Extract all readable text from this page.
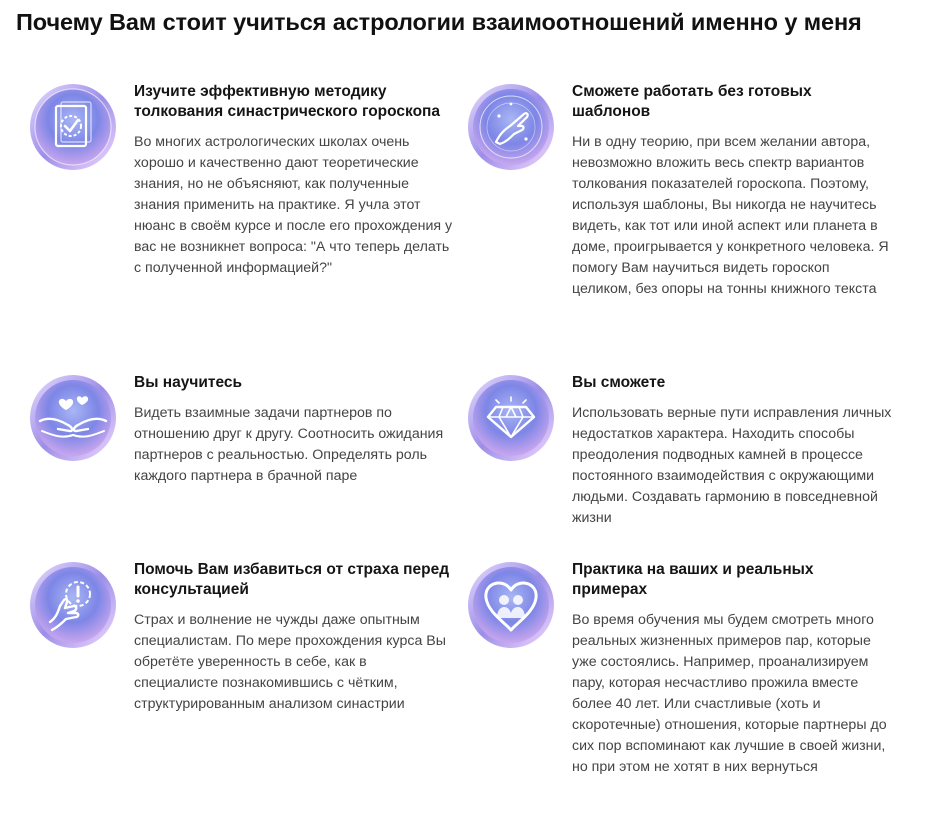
Почему Вам стоит учиться астрологии взаимоотношений именно у меня
Изучите эффективную методику толкования синастрического гороскопа
Во многих астрологических школах очень хорошо и качественно дают теоретические знания, но не объясняют, как полученные знания применить на практике. Я учла этот нюанс в своём курсе и после его прохождения у вас не возникнет вопроса: "А что теперь делать с полученной информацией?"
Сможете работать без готовых шаблонов
Ни в одну теорию, при всем желании автора, невозможно вложить весь спектр вариантов толкования показателей гороскопа. Поэтому, используя шаблоны, Вы никогда не научитесь видеть, как тот или иной аспект или планета в доме, проигрывается у конкретного человека. Я помогу Вам научиться видеть гороскоп целиком, без опоры на тонны книжного текста
Вы научитесь
Видеть взаимные задачи партнеров по отношению друг к другу. Соотносить ожидания партнеров с реальностью. Определять роль каждого партнера в брачной паре
Вы сможете
Использовать верные пути исправления личных недостатков характера. Находить способы преодоления подводных камней в процессе постоянного взаимодействия с окружающими людьми. Создавать гармонию в повседневной жизни
Помочь Вам избавиться от страха перед консультацией
Страх и волнение не чужды даже опытным специалистам. По мере прохождения курса Вы обретёте уверенность в себе, как в специалисте познакомившись с чётким, структурированным анализом синастрии
Практика на ваших и реальных примерах
Во время обучения мы будем смотреть много реальных жизненных примеров пар, которые уже состоялись. Например, проанализируем пару, которая несчастливо прожила вместе более 40 лет. Или счастливые (хоть и скоротечные) отношения, которые партнеры до сих пор вспоминают как лучшие в своей жизни, но при этом не хотят в них вернуться
